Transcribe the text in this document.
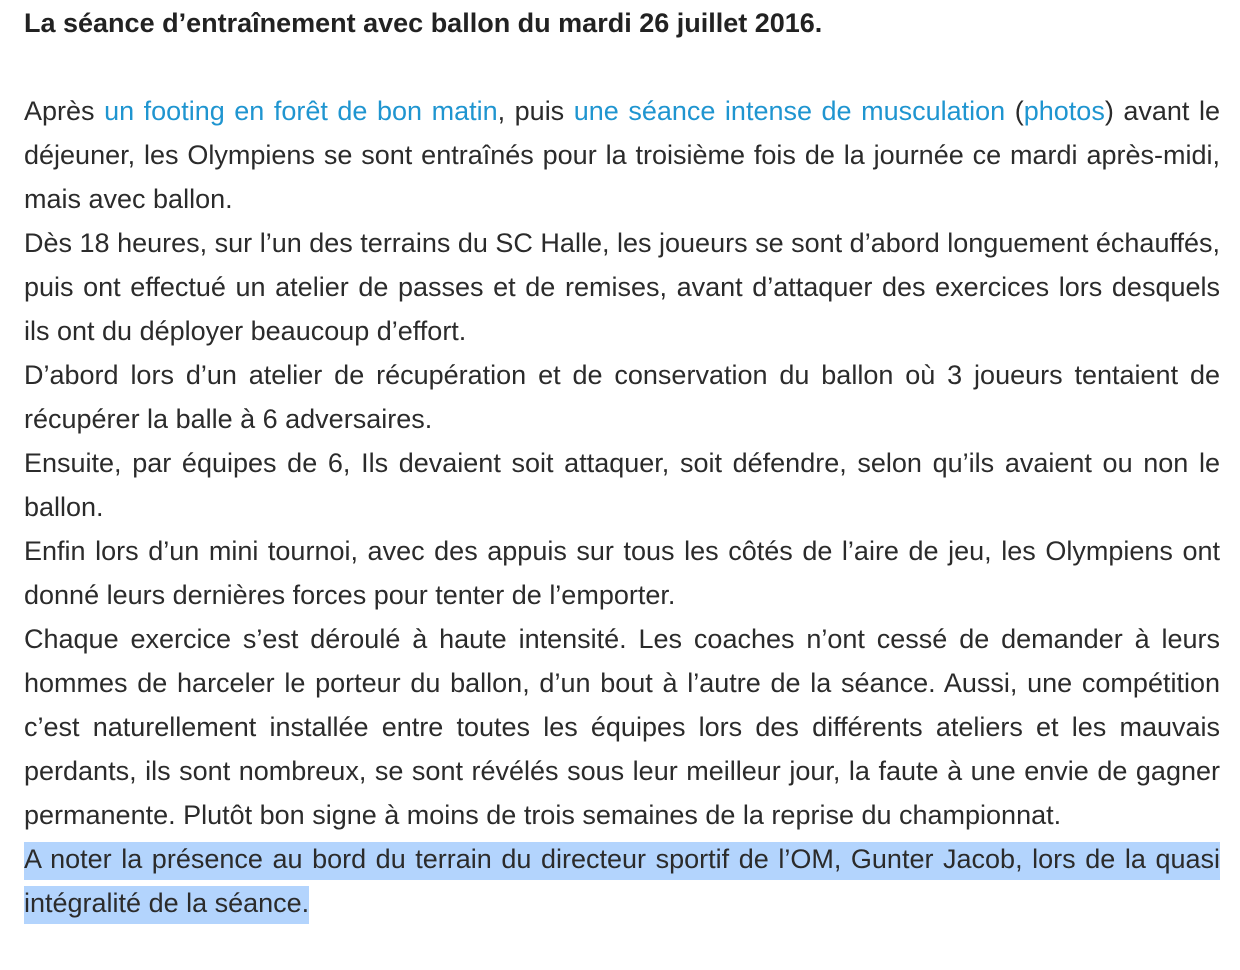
La séance d’entraînement avec ballon du mardi 26 juillet 2016.

Après un footing en forêt de bon matin, puis une séance intense de musculation (photos) avant le déjeuner, les Olympiens se sont entraînés pour la troisième fois de la journée ce mardi après-midi, mais avec ballon.

Dès 18 heures, sur l’un des terrains du SC Halle, les joueurs se sont d’abord longuement échauffés, puis ont effectué un atelier de passes et de remises, avant d’attaquer des exercices lors desquels ils ont du déployer beaucoup d’effort.

D’abord lors d’un atelier de récupération et de conservation du ballon où 3 joueurs tentaient de récupérer la balle à 6 adversaires.

Ensuite, par équipes de 6, Ils devaient soit attaquer, soit défendre, selon qu’ils avaient ou non le ballon.

Enfin lors d’un mini tournoi, avec des appuis sur tous les côtés de l’aire de jeu, les Olympiens ont donné leurs dernières forces pour tenter de l’emporter.

Chaque exercice s’est déroulé à haute intensité. Les coaches n’ont cessé de demander à leurs hommes de harceler le porteur du ballon, d’un bout à l’autre de la séance. Aussi, une compétition c’est naturellement installée entre toutes les équipes lors des différents ateliers et les mauvais perdants, ils sont nombreux, se sont révélés sous leur meilleur jour, la faute à une envie de gagner permanente. Plutôt bon signe à moins de trois semaines de la reprise du championnat.

A noter la présence au bord du terrain du directeur sportif de l’OM, Gunter Jacob, lors de la quasi intégralité de la séance.
